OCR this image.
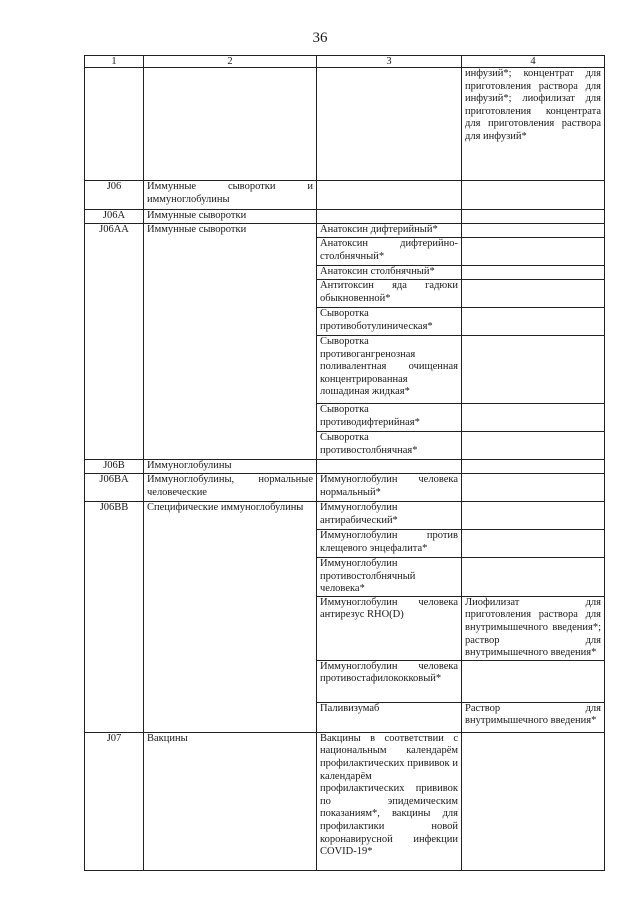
36
1	2	3	4
			инфузий*; концентрат для приготовления раствора для инфузий*; лиофилизат для приготовления концентрата для приготовления раствора для инфузий*
J06	Иммунные сыворотки и иммуноглобулины		
J06A	Иммунные сыворотки		
J06AA	Иммунные сыворотки	Анатоксин дифтерийный*	
		Анатоксин дифтерийно-столбнячный*	
		Анатоксин столбнячный*	
		Антитоксин яда гадюки обыкновенной*	
		Сыворотка противоботулиническая*	
		Сыворотка противогангренозная поливалентная очищенная концентрированная лошадиная жидкая*	
		Сыворотка противодифтерийная*	
		Сыворотка противостолбнячная*	
J06B	Иммуноглобулины		
J06BA	Иммуноглобулины, нормальные человеческие	Иммуноглобулин человека нормальный*	
J06BB	Специфические иммуноглобулины	Иммуноглобулин антирабический*	
		Иммуноглобулин против клещевого энцефалита*	
		Иммуноглобулин противостолбнячный человека*	
		Иммуноглобулин человека антирезус RHO(D)	Лиофилизат для приготовления раствора для внутримышечного введения*; раствор для внутримышечного введения*
		Иммуноглобулин человека противостафилококковый*	
		Паливизумаб	Раствор для внутримышечного введения*
J07	Вакцины	Вакцины в соответствии с национальным календарём профилактических прививок и календарём профилактических прививок по эпидемическим показаниям*, вакцины для профилактики новой коронавирусной инфекции COVID-19*	
